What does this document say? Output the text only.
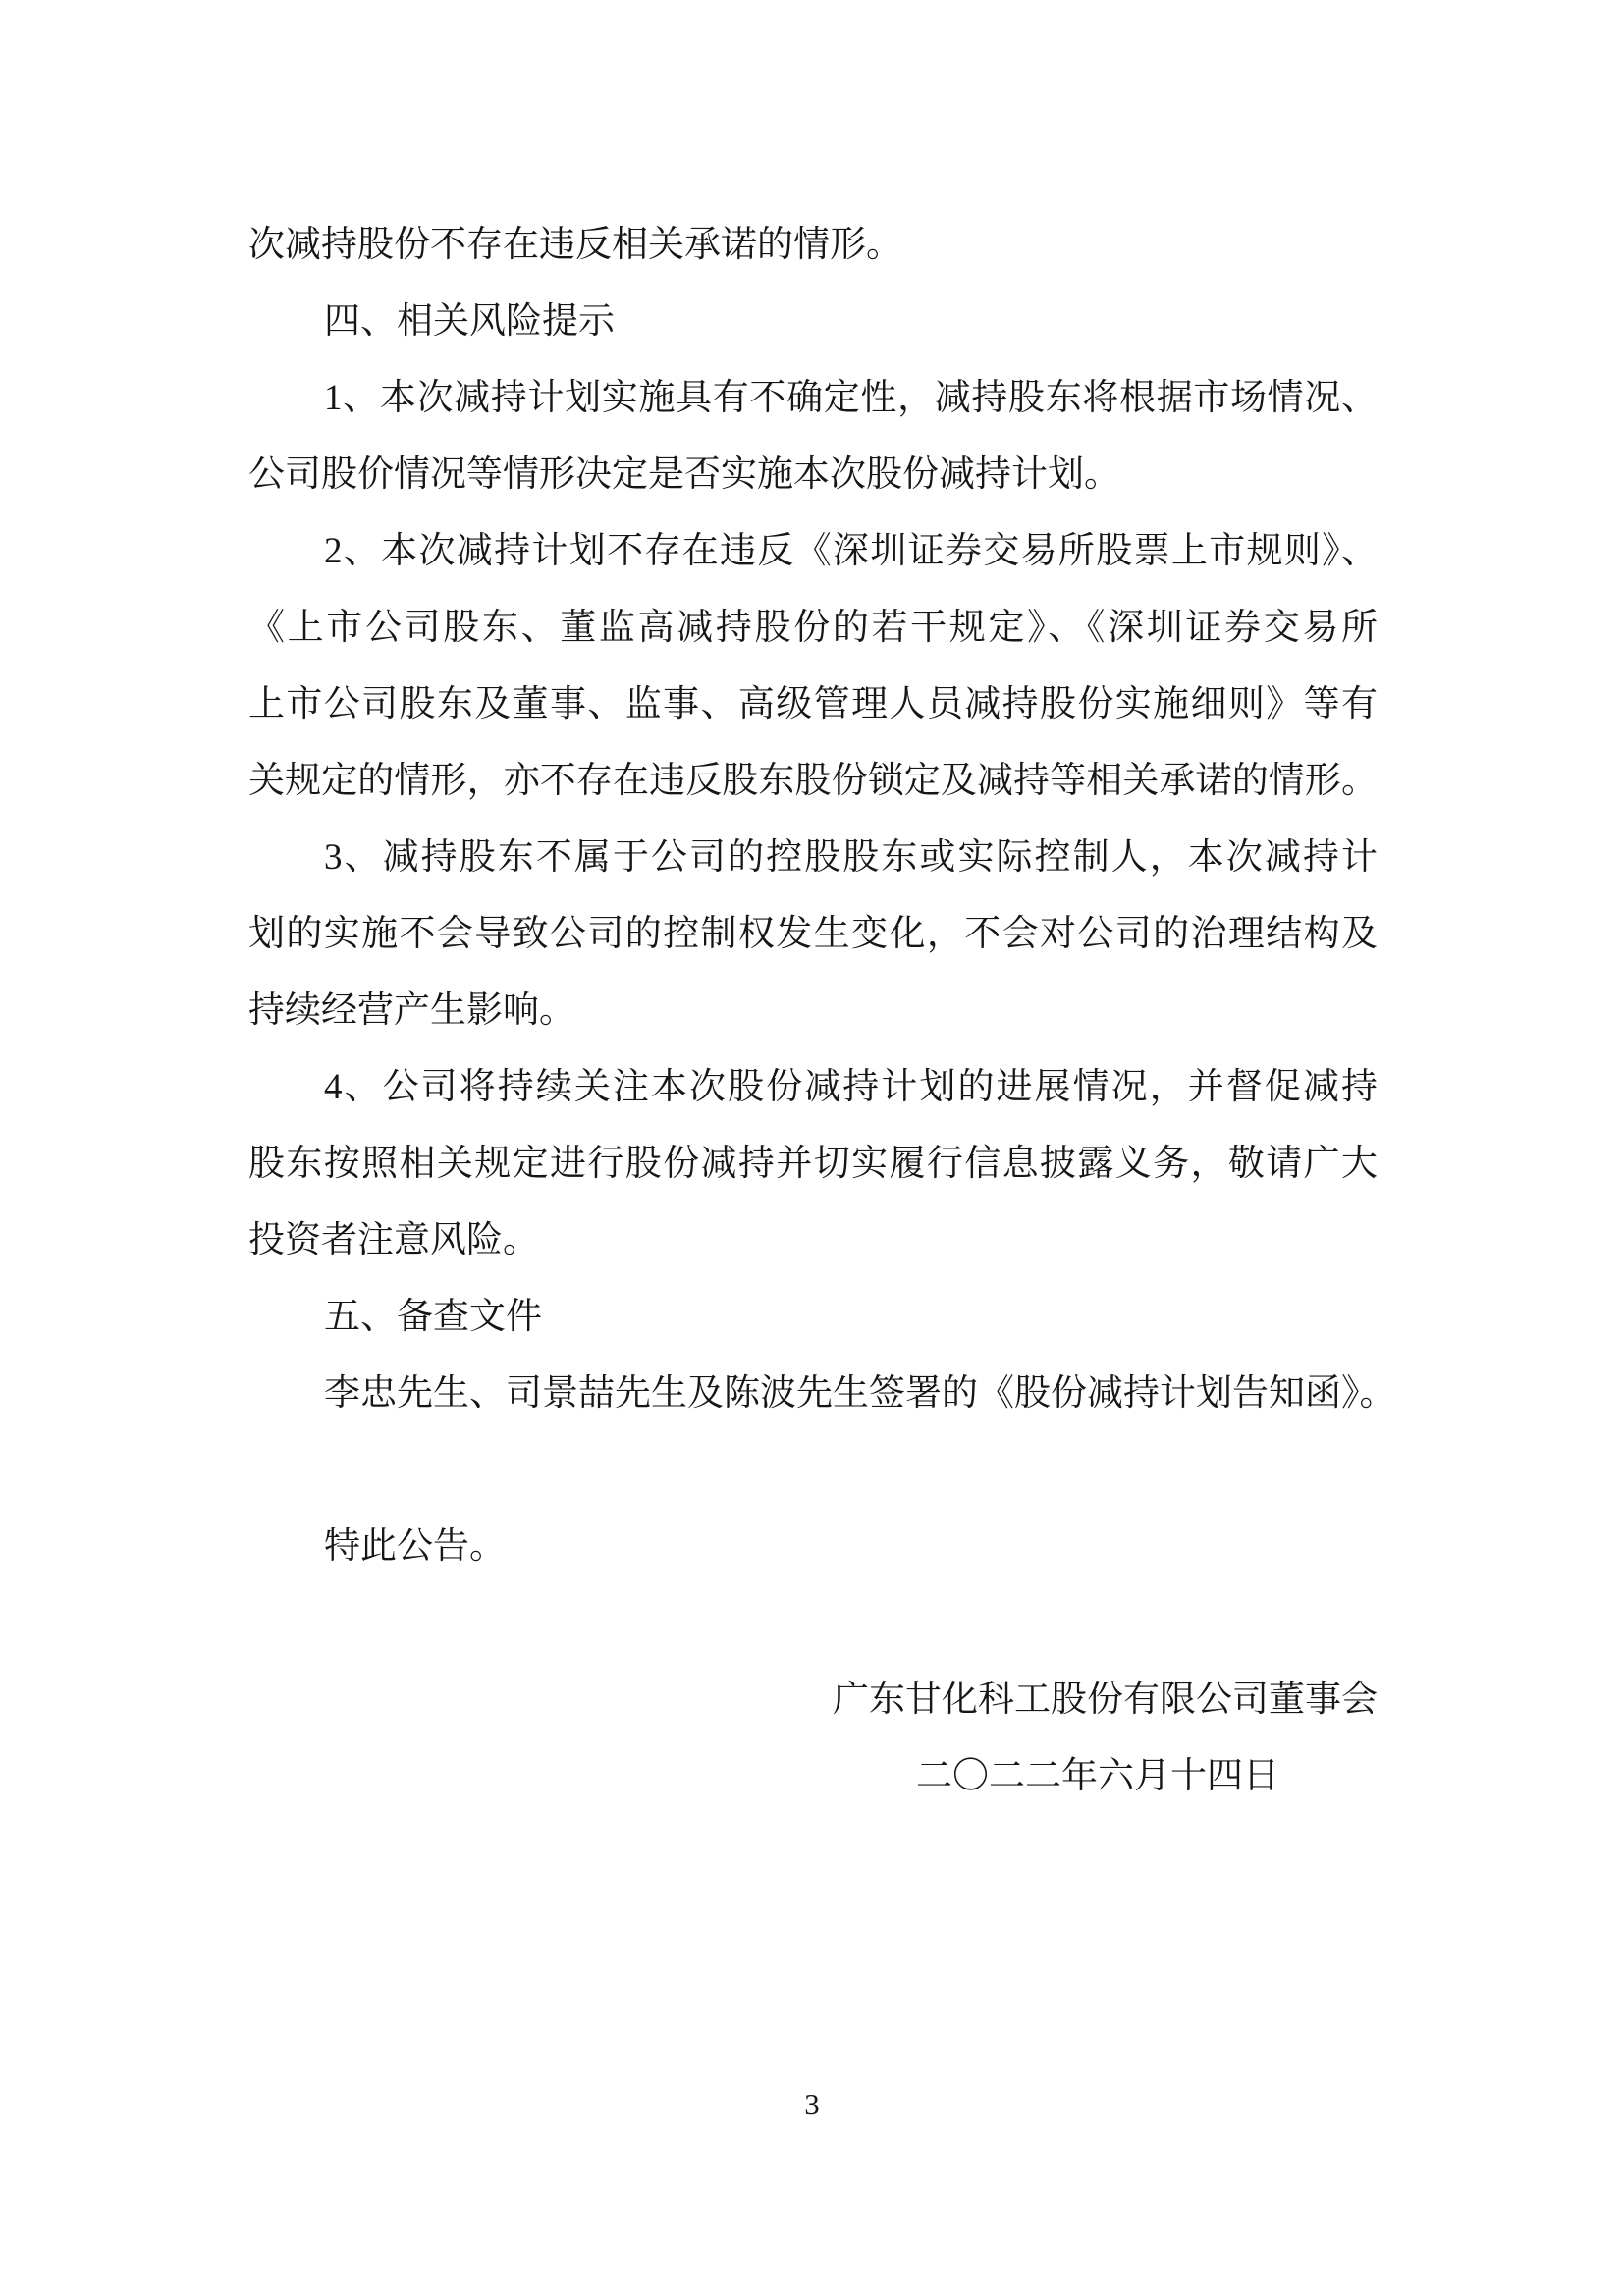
次减持股份不存在违反相关承诺的情形。
四、相关风险提示
1、本次减持计划实施具有不确定性，减持股东将根据市场情况、
公司股价情况等情形决定是否实施本次股份减持计划。
2、本次减持计划不存在违反《深圳证券交易所股票上市规则》、
《上市公司股东、董监高减持股份的若干规定》、《深圳证券交易所
上市公司股东及董事、监事、高级管理人员减持股份实施细则》等有
关规定的情形，亦不存在违反股东股份锁定及减持等相关承诺的情形。
3、减持股东不属于公司的控股股东或实际控制人，本次减持计
划的实施不会导致公司的控制权发生变化，不会对公司的治理结构及
持续经营产生影响。
4、公司将持续关注本次股份减持计划的进展情况，并督促减持
股东按照相关规定进行股份减持并切实履行信息披露义务，敬请广大
投资者注意风险。
五、备查文件
李忠先生、司景喆先生及陈波先生签署的《股份减持计划告知函》。
特此公告。
广东甘化科工股份有限公司董事会
二〇二二年六月十四日
3
